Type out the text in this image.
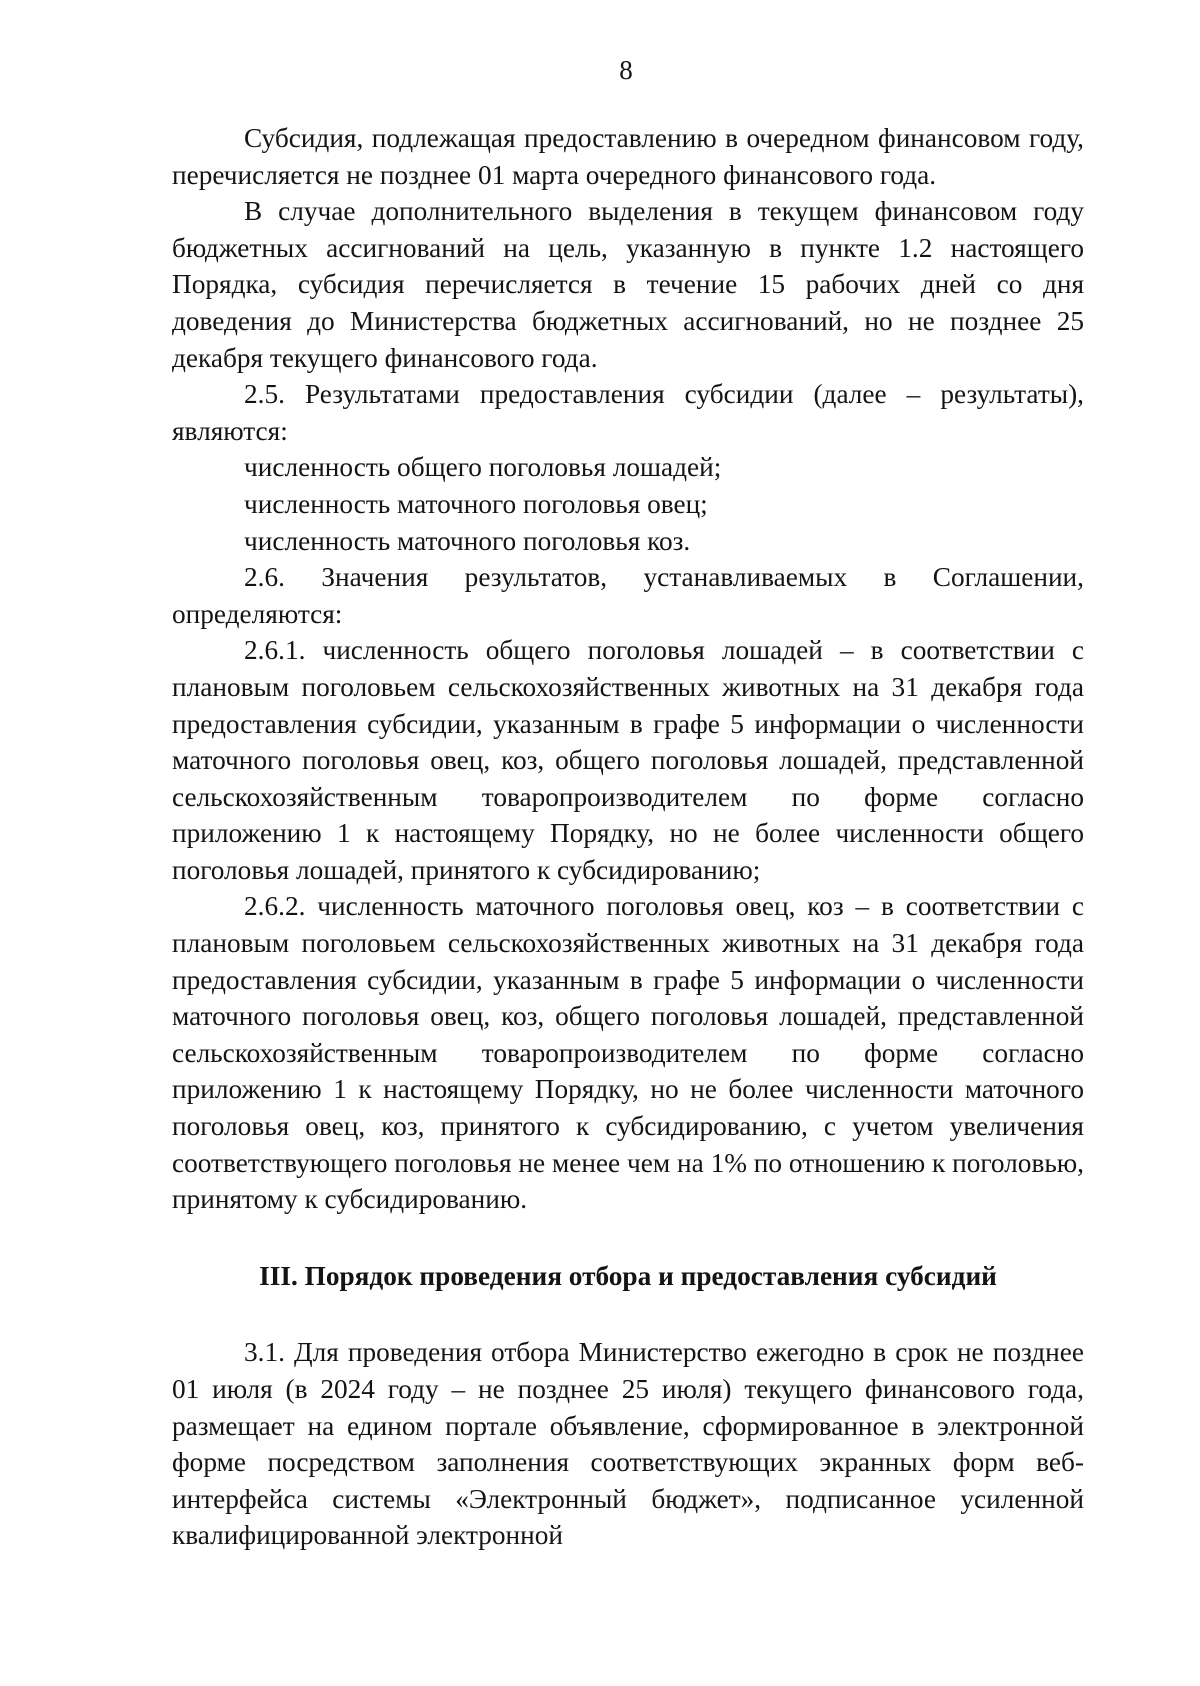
8

Субсидия, подлежащая предоставлению в очередном финансовом году, перечисляется не позднее 01 марта очередного финансового года.

В случае дополнительного выделения в текущем финансовом году бюджетных ассигнований на цель, указанную в пункте 1.2 настоящего Порядка, субсидия перечисляется в течение 15 рабочих дней со дня доведения до Министерства бюджетных ассигнований, но не позднее 25 декабря текущего финансового года.

2.5. Результатами предоставления субсидии (далее – результаты), являются:

численность общего поголовья лошадей;

численность маточного поголовья овец;

численность маточного поголовья коз.

2.6. Значения результатов, устанавливаемых в Соглашении, определяются:

2.6.1. численность общего поголовья лошадей – в соответствии с плановым поголовьем сельскохозяйственных животных на 31 декабря года предоставления субсидии, указанным в графе 5 информации о численности маточного поголовья овец, коз, общего поголовья лошадей, представленной сельскохозяйственным товаропроизводителем по форме согласно приложению 1 к настоящему Порядку, но не более численности общего поголовья лошадей, принятого к субсидированию;

2.6.2. численность маточного поголовья овец, коз – в соответствии с плановым поголовьем сельскохозяйственных животных на 31 декабря года предоставления субсидии, указанным в графе 5 информации о численности маточного поголовья овец, коз, общего поголовья лошадей, представленной сельскохозяйственным товаропроизводителем по форме согласно приложению 1 к настоящему Порядку, но не более численности маточного поголовья овец, коз, принятого к субсидированию, с учетом увеличения соответствующего поголовья не менее чем на 1% по отношению к поголовью, принятому к субсидированию.

III. Порядок проведения отбора и предоставления субсидий

3.1. Для проведения отбора Министерство ежегодно в срок не позднее 01 июля (в 2024 году – не позднее 25 июля) текущего финансового года, размещает на едином портале объявление, сформированное в электронной форме посредством заполнения соответствующих экранных форм веб-интерфейса системы «Электронный бюджет», подписанное усиленной квалифицированной электронной
